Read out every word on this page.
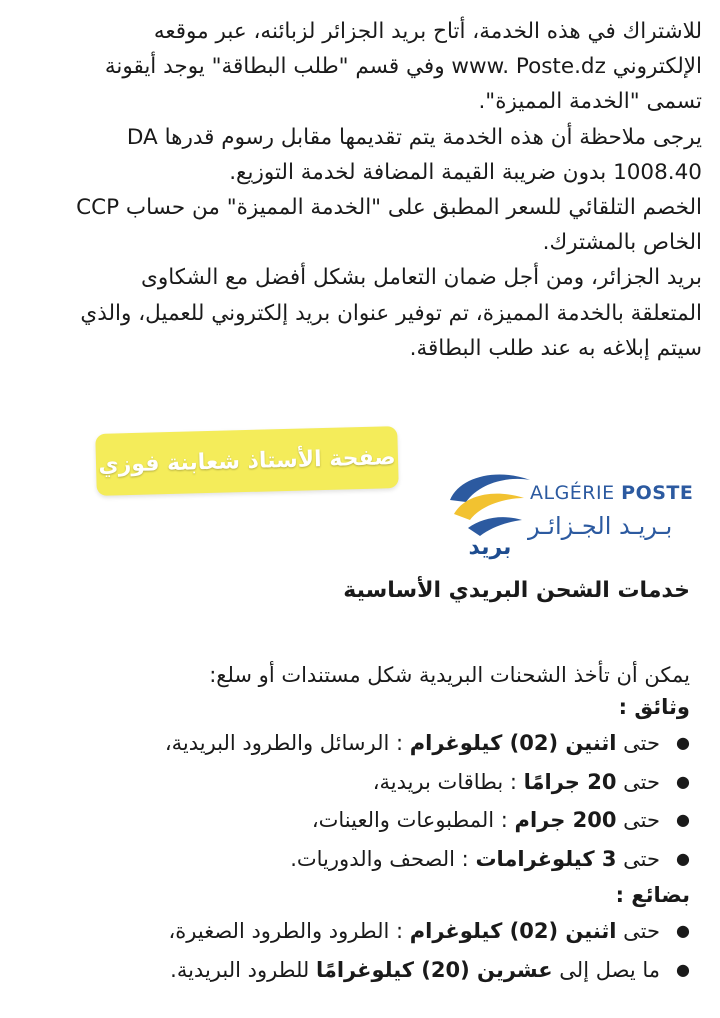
للاشتراك في هذه الخدمة، أتاح بريد الجزائر لزبائنه، عبر موقعه الإلكتروني www. Poste.dz وفي قسم "طلب البطاقة" يوجد أيقونة تسمى "الخدمة المميزة".

يرجى ملاحظة أن هذه الخدمة يتم تقديمها مقابل رسوم قدرها DA 1008.40 بدون ضريبة القيمة المضافة لخدمة التوزيع.

الخصم التلقائي للسعر المطبق على "الخدمة المميزة" من حساب CCP الخاص بالمشترك.

بريد الجزائر، ومن أجل ضمان التعامل بشكل أفضل مع الشكاوى المتعلقة بالخدمة المميزة، تم توفير عنوان بريد إلكتروني للعميل، والذي سيتم إبلاغه به عند طلب البطاقة.

صفحة الأستاذ شعابنة فوزي
بريد
ALGÉRIE POSTE
بـريـد الجـزائـر
خدمات الشحن البريدي الأساسية
يمكن أن تأخذ الشحنات البريدية شكل مستندات أو سلع:
وثائق :
● حتى اثنين (02) كيلوغرام : الرسائل والطرود البريدية،
● حتى 20 جرامًا : بطاقات بريدية،
● حتى 200 جرام : المطبوعات والعينات،
● حتى 3 كيلوغرامات : الصحف والدوريات.
بضائع :
● حتى اثنين (02) كيلوغرام : الطرود والطرود الصغيرة،
● ما يصل إلى عشرين (20) كيلوغرامًا للطرود البريدية.
